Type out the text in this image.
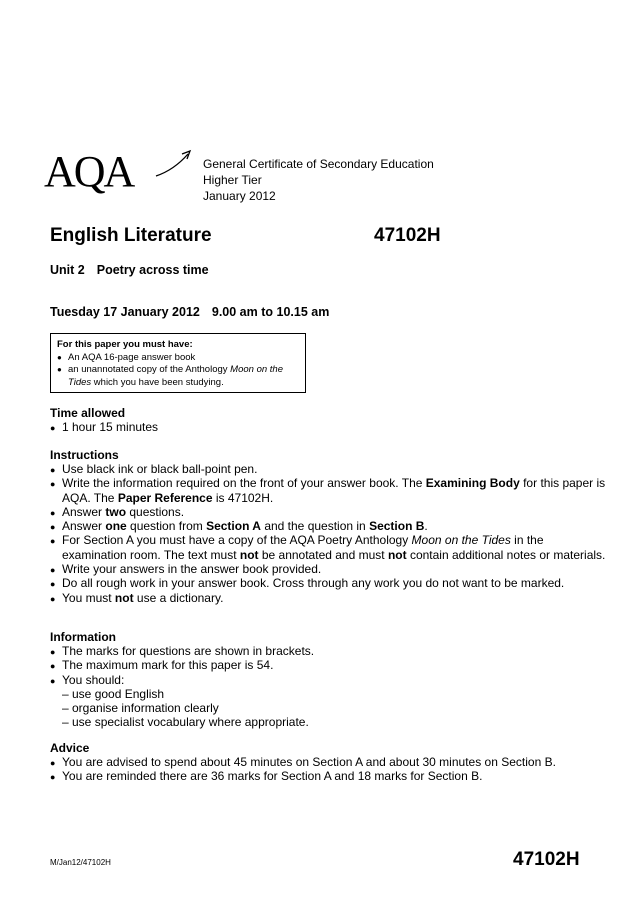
AQA	General Certificate of Secondary Education
Higher Tier
January 2012
English Literature	47102H
Unit 2 Poetry across time
Tuesday 17 January 2012 9.00 am to 10.15 am
For this paper you must have:
● An AQA 16-page answer book
● an unannotated copy of the Anthology Moon on the Tides which you have been studying.
Time allowed
● 1 hour 15 minutes
Instructions
● Use black ink or black ball-point pen.
● Write the information required on the front of your answer book. The Examining Body for this paper is AQA. The Paper Reference is 47102H.
● Answer two questions.
● Answer one question from Section A and the question in Section B.
● For Section A you must have a copy of the AQA Poetry Anthology Moon on the Tides in the examination room. The text must not be annotated and must not contain additional notes or materials.
● Write your answers in the answer book provided.
● Do all rough work in your answer book. Cross through any work you do not want to be marked.
● You must not use a dictionary.
Information
● The marks for questions are shown in brackets.
● The maximum mark for this paper is 54.
● You should:
– use good English
– organise information clearly
– use specialist vocabulary where appropriate.
Advice
● You are advised to spend about 45 minutes on Section A and about 30 minutes on Section B.
● You are reminded there are 36 marks for Section A and 18 marks for Section B.
M/Jan12/47102H	47102H
